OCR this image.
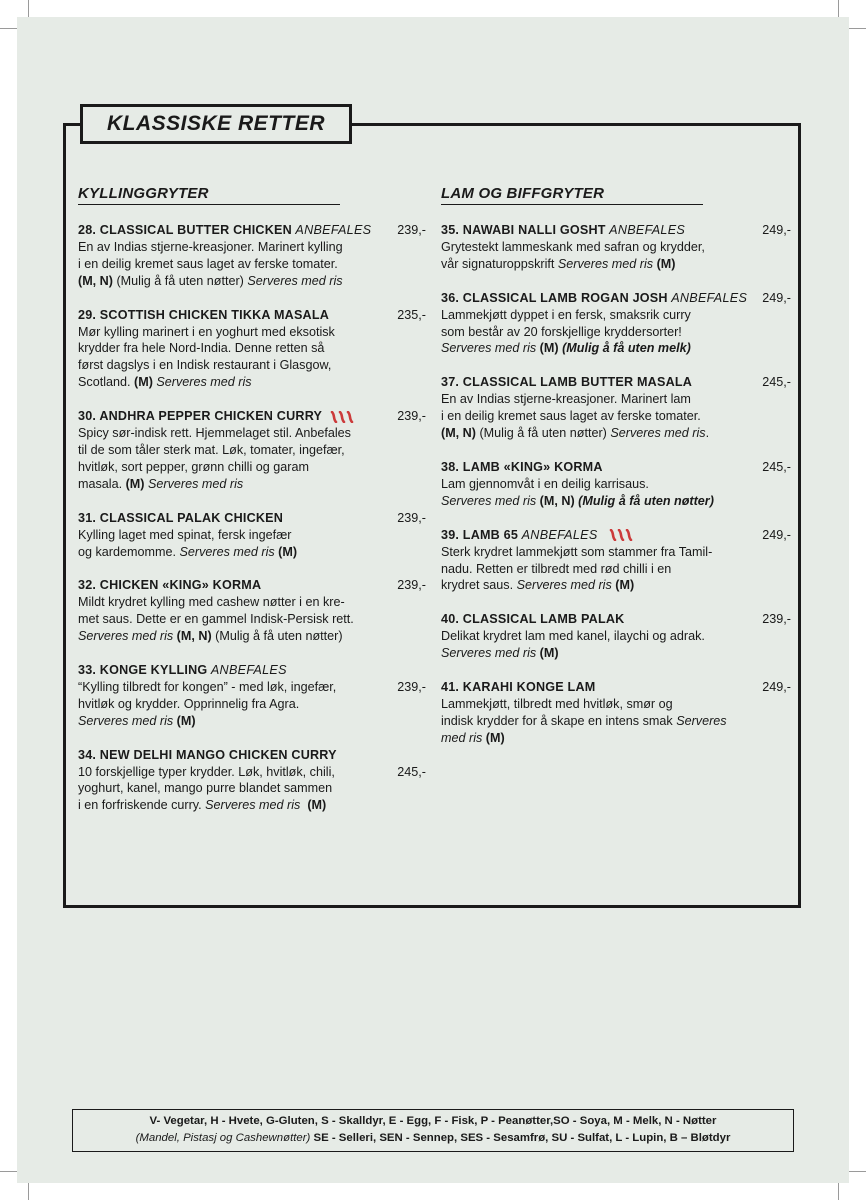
KLASSISKE RETTER
KYLLINGGRYTER
28. CLASSICAL BUTTER CHICKEN ANBEFALES 239,-
En av Indias stjerne-kreasjoner. Marinert kylling
i en deilig kremet saus laget av ferske tomater.
(M, N) (Mulig å få uten nøtter) Serveres med ris
29. SCOTTISH CHICKEN TIKKA MASALA	235,-
Mør kylling marinert i en yoghurt med eksotisk
krydder fra hele Nord-India. Denne retten så
først dagslys i en Indisk restaurant i Glasgow,
Scotland. (M) Serveres med ris
30. ANDHRA PEPPER CHICKEN CURRY	239,-
Spicy sør-indisk rett. Hjemmelaget stil. Anbefales
til de som tåler sterk mat. Løk, tomater, ingefær,
hvitløk, sort pepper, grønn chilli og garam
masala. (M) Serveres med ris
31. CLASSICAL PALAK CHICKEN	239,-
Kylling laget med spinat, fersk ingefær
og kardemomme. Serveres med ris (M)
32. CHICKEN «KING» KORMA	239,-
Mildt krydret kylling med cashew nøtter i en kre-
met saus. Dette er en gammel Indisk-Persisk rett.
Serveres med ris (M, N) (Mulig å få uten nøtter)
33. KONGE KYLLING ANBEFALES
“Kylling tilbredt for kongen” - med løk, ingefær,	239,-
hvitløk og krydder. Opprinnelig fra Agra.
Serveres med ris (M)
34. NEW DELHI MANGO CHICKEN CURRY
10 forskjellige typer krydder. Løk, hvitløk, chili,	245,-
yoghurt, kanel, mango purre blandet sammen
i en forfriskende curry. Serveres med ris  (M)
LAM OG BIFFGRYTER
35. NAWABI NALLI GOSHT ANBEFALES	249,-
Grytestekt lammeskank med safran og krydder,
vår signaturoppskrift Serveres med ris (M)
36. CLASSICAL LAMB ROGAN JOSH ANBEFALES 249,-
Lammekjøtt dyppet i en fersk, smaksrik curry
som består av 20 forskjellige kryddersorter!
Serveres med ris (M) (Mulig å få uten melk)
37. CLASSICAL LAMB BUTTER MASALA	245,-
En av Indias stjerne-kreasjoner. Marinert lam
i en deilig kremet saus laget av ferske tomater.
(M, N) (Mulig å få uten nøtter) Serveres med ris.
38. LAMB «KING» KORMA	245,-
Lam gjennomvåt i en deilig karrisaus.
Serveres med ris (M, N) (Mulig å få uten nøtter)
39. LAMB 65 ANBEFALES	249,-
Sterk krydret lammekjøtt som stammer fra Tamil-
nadu. Retten er tilbredt med rød chilli i en
krydret saus. Serveres med ris (M)
40. CLASSICAL LAMB PALAK	239,-
Delikat krydret lam med kanel, ilaychi og adrak.
Serveres med ris (M)
41. KARAHI KONGE LAM	249,-
Lammekjøtt, tilbredt med hvitløk, smør og
indisk krydder for å skape en intens smak Serveres
med ris (M)
V- Vegetar, H - Hvete, G-Gluten, S - Skalldyr, E - Egg, F - Fisk, P - Peanøtter,SO - Soya, M - Melk, N - Nøtter
(Mandel, Pistasj og Cashewnøtter) SE - Selleri, SEN - Sennep, SES - Sesamfrø, SU - Sulfat, L - Lupin, B – Bløtdyr
